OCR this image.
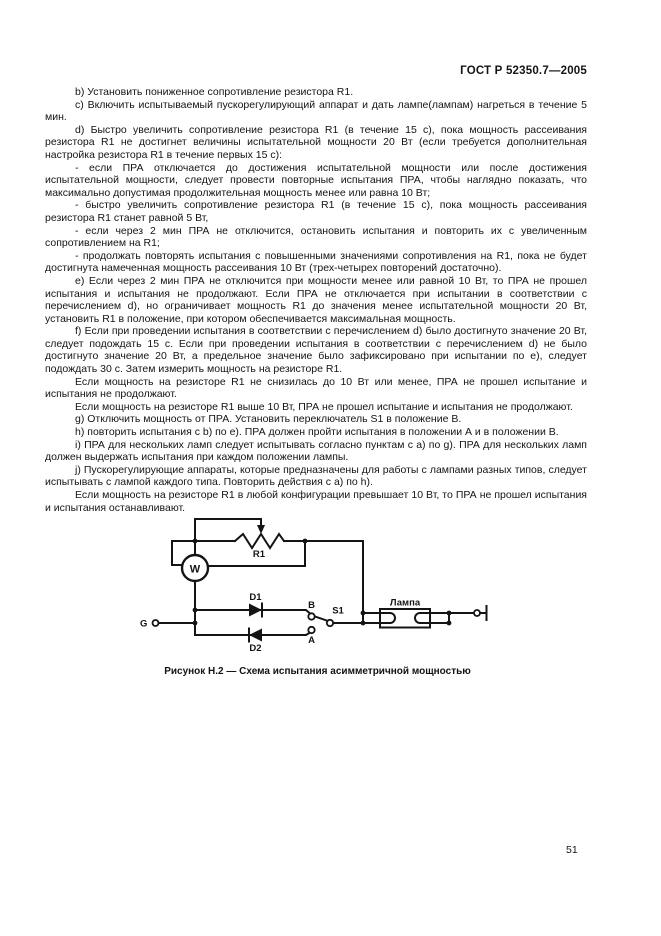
ГОСТ Р 52350.7—2005

b) Установить пониженное сопротивление резистора R1.

c) Включить испытываемый пускорегулирующий аппарат и дать лампе(лампам) нагреться в течение 5 мин.

d) Быстро увеличить сопротивление резистора R1 (в течение 15 с), пока мощность рассеивания резистора R1 не достигнет величины испытательной мощности 20 Вт (если требуется дополнительная настройка резистора R1 в течение первых 15 с):

- если ПРА отключается до достижения испытательной мощности или после достижения испытательной мощности, следует провести повторные испытания ПРА, чтобы наглядно показать, что максимально допустимая продолжительная мощность менее или равна 10 Вт;

- быстро увеличить сопротивление резистора R1 (в течение 15 с), пока мощность рассеивания резистора R1 станет равной 5 Вт,

- если через 2 мин ПРА не отключится, остановить испытания и повторить их с увеличенным сопротивлением на R1;

- продолжать повторять испытания с повышенными значениями сопротивления на R1, пока не будет достигнута намеченная мощность рассеивания 10 Вт (трех-четырех повторений достаточно).

e) Если через 2 мин ПРА не отключится при мощности менее или равной 10 Вт, то ПРА не прошел испытания и испытания не продолжают. Если ПРА не отключается при испытании в соответствии с перечислением d), но ограничивает мощность R1 до значения менее испытательной мощности 20 Вт, установить R1 в положение, при котором обеспечивается максимальная мощность.

f) Если при проведении испытания в соответствии с перечислением d) было достигнуто значение 20 Вт, следует подождать 15 с. Если при проведении испытания в соответствии с перечислением d) не было достигнуто значение 20 Вт, а предельное значение было зафиксировано при испытании по e), следует подождать 30 с. Затем измерить мощность на резисторе R1.

Если мощность на резисторе R1 не снизилась до 10 Вт или менее, ПРА не прошел испытание и испытания не продолжают.

Если мощность на резисторе R1 выше 10 Вт, ПРА не прошел испытание и испытания не продолжают.

g) Отключить мощность от ПРА. Установить переключатель S1 в положение В.

h) повторить испытания с b) по e). ПРА должен пройти испытания в положении А и в положении В.

i) ПРА для нескольких ламп следует испытывать согласно пунктам с a) по g). ПРА для нескольких ламп должен выдержать испытания при каждом положении лампы.

j) Пускорегулирующие аппараты, которые предназначены для работы с лампами разных типов, следует испытывать с лампой каждого типа. Повторить действия с a) по h).

Если мощность на резисторе R1 в любой конфигурации превышает 10 Вт, то ПРА не прошел испытания и испытания останавливают.

W
R1
G
D1
D2
B
A
S1
Лампа
Рисунок Н.2 — Схема испытания асимметричной мощностью
51
